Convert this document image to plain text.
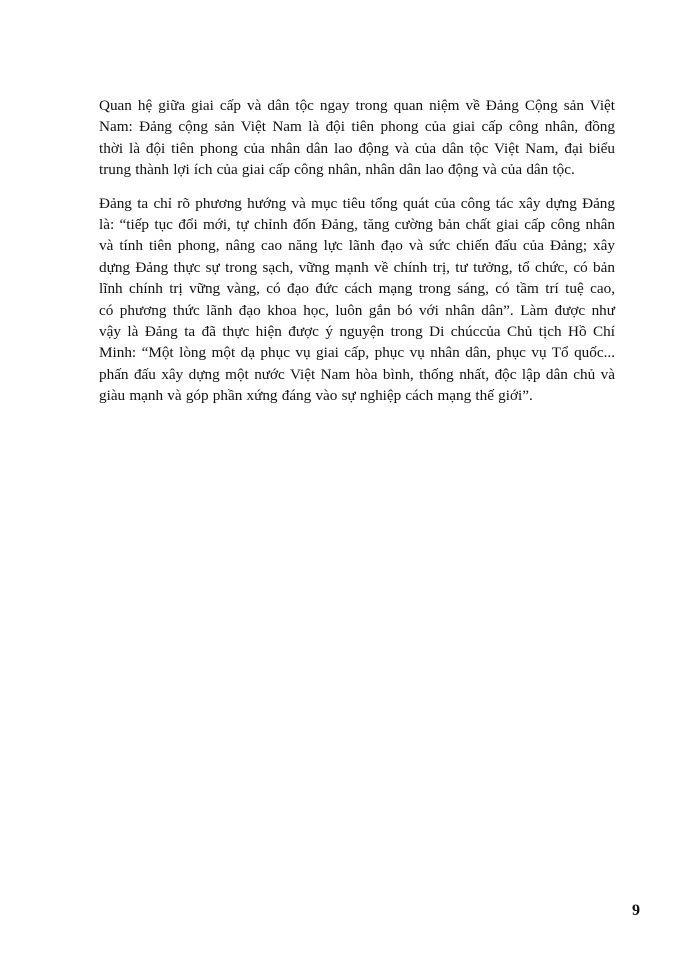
Quan hệ giữa giai cấp và dân tộc ngay trong quan niệm về Đảng Cộng sản Việt
Nam: Đảng cộng sản Việt Nam là đội tiên phong của giai cấp công nhân, đồng
thời là đội tiên phong của nhân dân lao động và của dân tộc Việt Nam, đại biểu
trung thành lợi ích của giai cấp công nhân, nhân dân lao động và của dân tộc.

Đảng ta chỉ rõ phương hướng và mục tiêu tổng quát của công tác xây dựng Đảng
là: “tiếp tục đổi mới, tự chỉnh đốn Đảng, tăng cường bản chất giai cấp công nhân
và tính tiên phong, nâng cao năng lực lãnh đạo và sức chiến đấu của Đảng; xây
dựng Đảng thực sự trong sạch, vững mạnh về chính trị, tư tưởng, tổ chức, có bản
lĩnh chính trị vững vàng, có đạo đức cách mạng trong sáng, có tầm trí tuệ cao,
có phương thức lãnh đạo khoa học, luôn gắn bó với nhân dân”. Làm được như
vậy là Đảng ta đã thực hiện được ý nguyện trong Di chúccủa Chủ tịch Hồ Chí
Minh: “Một lòng một dạ phục vụ giai cấp, phục vụ nhân dân, phục vụ Tổ quốc...
phấn đấu xây dựng một nước Việt Nam hòa bình, thống nhất, độc lập dân chủ và
giàu mạnh và góp phần xứng đáng vào sự nghiệp cách mạng thế giới”.

9
